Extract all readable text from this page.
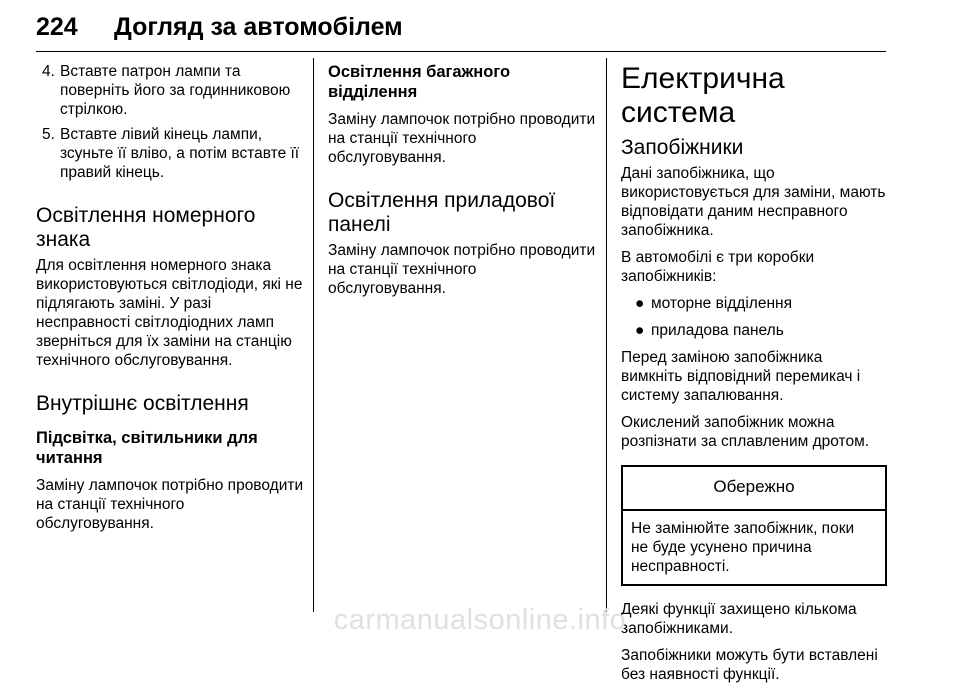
224 Догляд за автомобілем
4. Вставте патрон лампи та поверніть його за годинниковою стрілкою.
5. Вставте лівий кінець лампи, зсуньте її вліво, а потім вставте її правий кінець.
Освітлення номерного знака

Для освітлення номерного знака використовуються світлодіоди, які не підлягають заміні. У разі несправності світлодіодних ламп зверніться для їх заміни на станцію технічного обслуговування.

Внутрішнє освітлення
Підсвітка, світильники для читання

Заміну лампочок потрібно проводити на станції технічного обслуговування.

Освітлення багажного відділення

Заміну лампочок потрібно проводити на станції технічного обслуговування.

Освітлення приладової панелі

Заміну лампочок потрібно проводити на станції технічного обслуговування.

Електрична система
Запобіжники

Дані запобіжника, що використовується для заміни, мають відповідати даним несправного запобіжника.

В автомобілі є три коробки запобіжників:

● моторне відділення
● приладова панель

Перед заміною запобіжника вимкніть відповідний перемикач і систему запалювання.

Окислений запобіжник можна розпізнати за сплавленим дротом.

Обережно
Не замінюйте запобіжник, поки не буде усунено причина несправності.

Деякі функції захищено кількома запобіжниками.

Запобіжники можуть бути вставлені без наявності функції.

carmanualsonline.info
